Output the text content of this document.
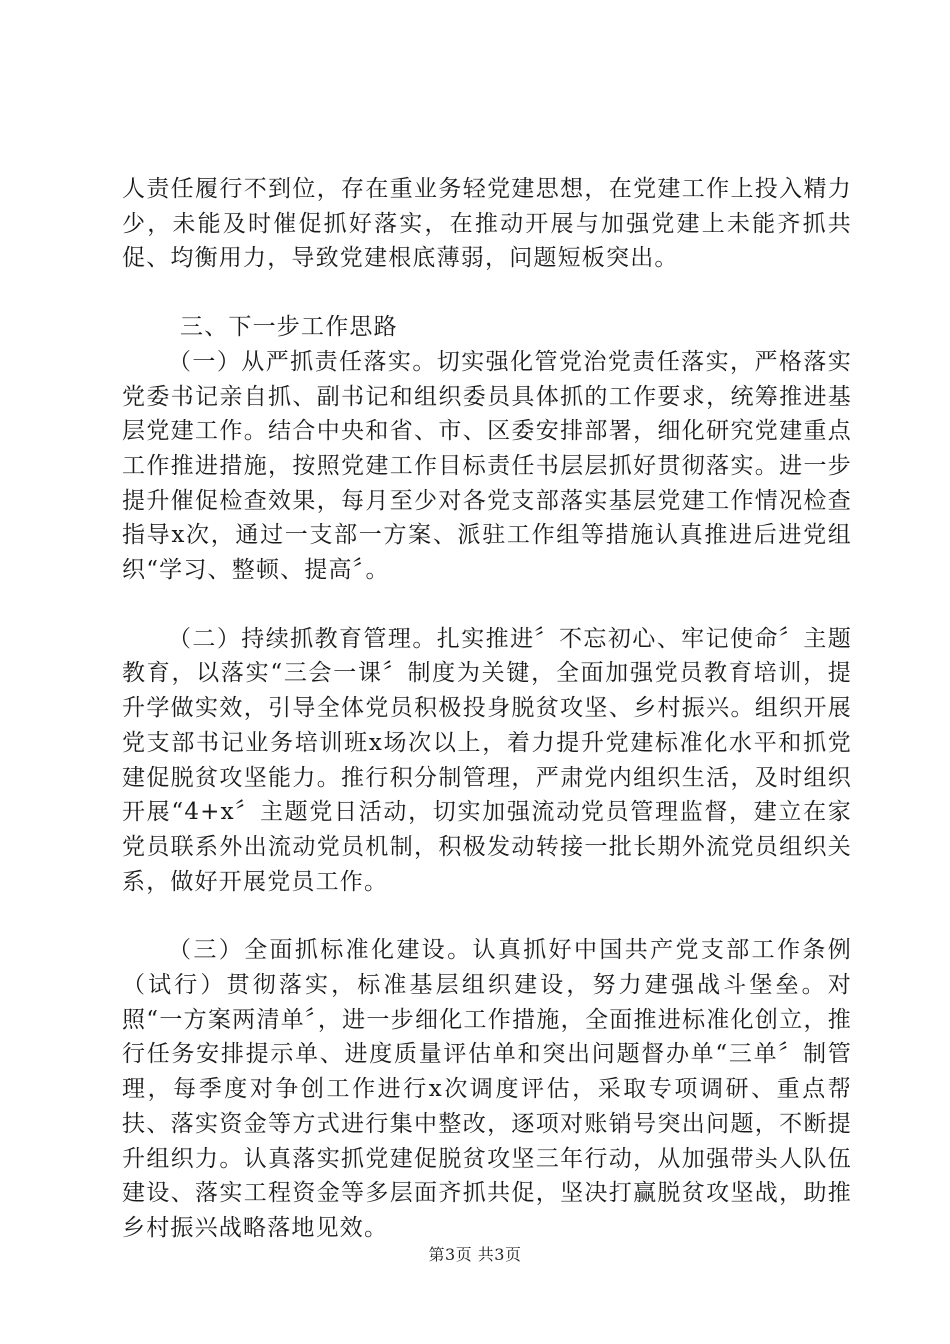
人责任履行不到位，存在重业务轻党建思想，在党建工作上投入精力少，未能及时催促抓好落实，在推动开展与加强党建上未能齐抓共促、均衡用力，导致党建根底薄弱，问题短板突出。

三、下一步工作思路

（一）从严抓责任落实。切实强化管党治党责任落实，严格落实党委书记亲自抓、副书记和组织委员具体抓的工作要求，统筹推进基层党建工作。结合中央和省、市、区委安排部署，细化研究党建重点工作推进措施，按照党建工作目标责任书层层抓好贯彻落实。进一步提升催促检查效果，每月至少对各党支部落实基层党建工作情况检查指导x次，通过一支部一方案、派驻工作组等措施认真推进后进党组织“学习、整顿、提高〞。

（二）持续抓教育管理。扎实推进〞不忘初心、牢记使命〞主题教育，以落实“三会一课〞制度为关键，全面加强党员教育培训，提升学做实效，引导全体党员积极投身脱贫攻坚、乡村振兴。组织开展党支部书记业务培训班x场次以上，着力提升党建标准化水平和抓党建促脱贫攻坚能力。推行积分制管理，严肃党内组织生活，及时组织开展“4+x〞主题党日活动，切实加强流动党员管理监督，建立在家党员联系外出流动党员机制，积极发动转接一批长期外流党员组织关系，做好开展党员工作。

（三）全面抓标准化建设。认真抓好中国共产党支部工作条例（试行）贯彻落实，标准基层组织建设，努力建强战斗堡垒。对照“一方案两清单〞，进一步细化工作措施，全面推进标准化创立，推行任务安排提示单、进度质量评估单和突出问题督办单“三单〞制管理，每季度对争创工作进行x次调度评估，采取专项调研、重点帮扶、落实资金等方式进行集中整改，逐项对账销号突出问题，不断提升组织力。认真落实抓党建促脱贫攻坚三年行动，从加强带头人队伍建设、落实工程资金等多层面齐抓共促，坚决打赢脱贫攻坚战，助推乡村振兴战略落地见效。

第3页 共3页
